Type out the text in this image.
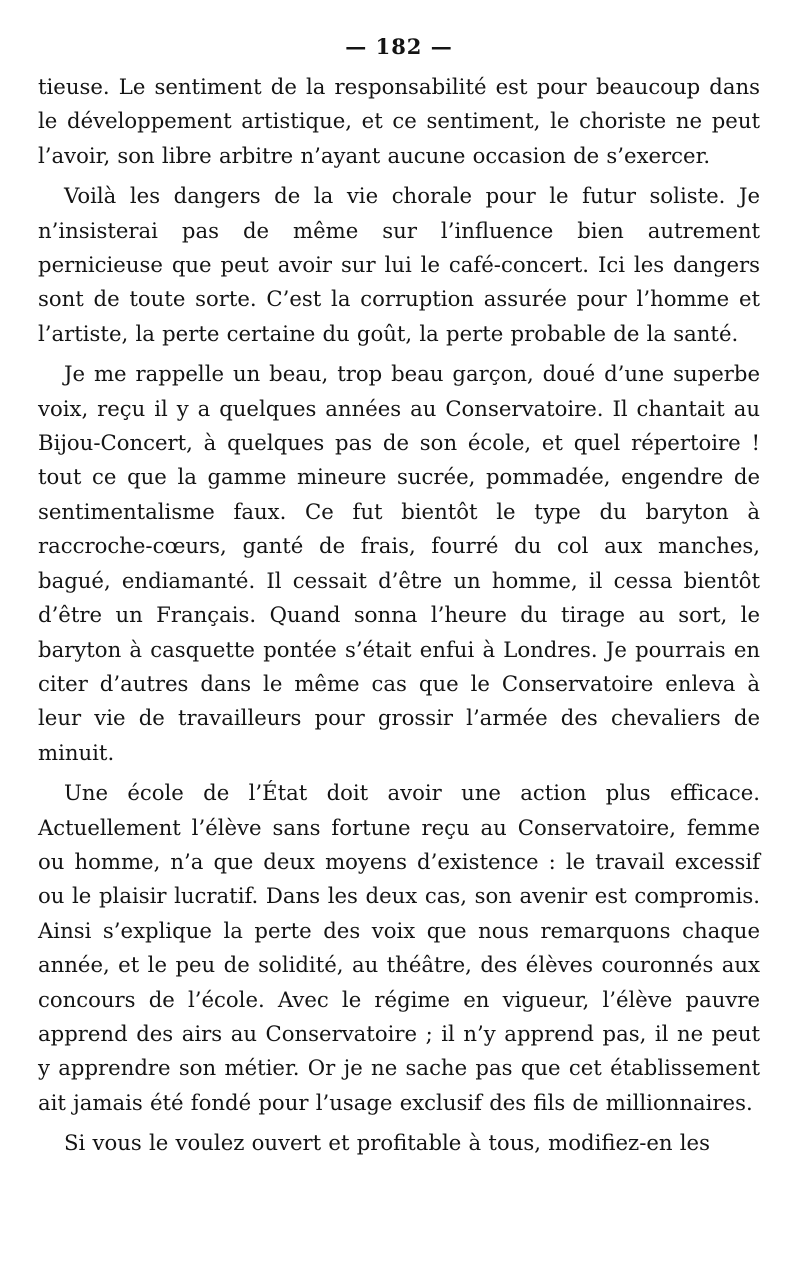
— 182 —

tieuse. Le sentiment de la responsabilité est pour beaucoup dans le développement artistique, et ce sentiment, le choriste ne peut l’avoir, son libre arbitre n’ayant aucune occasion de s’exercer.

Voilà les dangers de la vie chorale pour le futur soliste. Je n’insisterai pas de même sur l’influence bien autrement pernicieuse que peut avoir sur lui le café-concert. Ici les dangers sont de toute sorte. C’est la corruption assurée pour l’homme et l’artiste, la perte certaine du goût, la perte probable de la santé.

Je me rappelle un beau, trop beau garçon, doué d’une superbe voix, reçu il y a quelques années au Conservatoire. Il chantait au Bijou-Concert, à quelques pas de son école, et quel répertoire ! tout ce que la gamme mineure sucrée, pommadée, engendre de sentimentalisme faux. Ce fut bientôt le type du baryton à raccroche-cœurs, ganté de frais, fourré du col aux manches, bagué, endiamanté. Il cessait d’être un homme, il cessa bientôt d’être un Français. Quand sonna l’heure du tirage au sort, le baryton à casquette pontée s’était enfui à Londres. Je pourrais en citer d’autres dans le même cas que le Conservatoire enleva à leur vie de travailleurs pour grossir l’armée des chevaliers de minuit.

Une école de l’État doit avoir une action plus efficace. Actuellement l’élève sans fortune reçu au Conservatoire, femme ou homme, n’a que deux moyens d’existence : le travail excessif ou le plaisir lucratif. Dans les deux cas, son avenir est compromis. Ainsi s’explique la perte des voix que nous remarquons chaque année, et le peu de solidité, au théâtre, des élèves couronnés aux concours de l’école. Avec le régime en vigueur, l’élève pauvre apprend des airs au Conservatoire ; il n’y apprend pas, il ne peut y apprendre son métier. Or je ne sache pas que cet établissement ait jamais été fondé pour l’usage exclusif des fils de millionnaires.

Si vous le voulez ouvert et profitable à tous, modifiez-en les
